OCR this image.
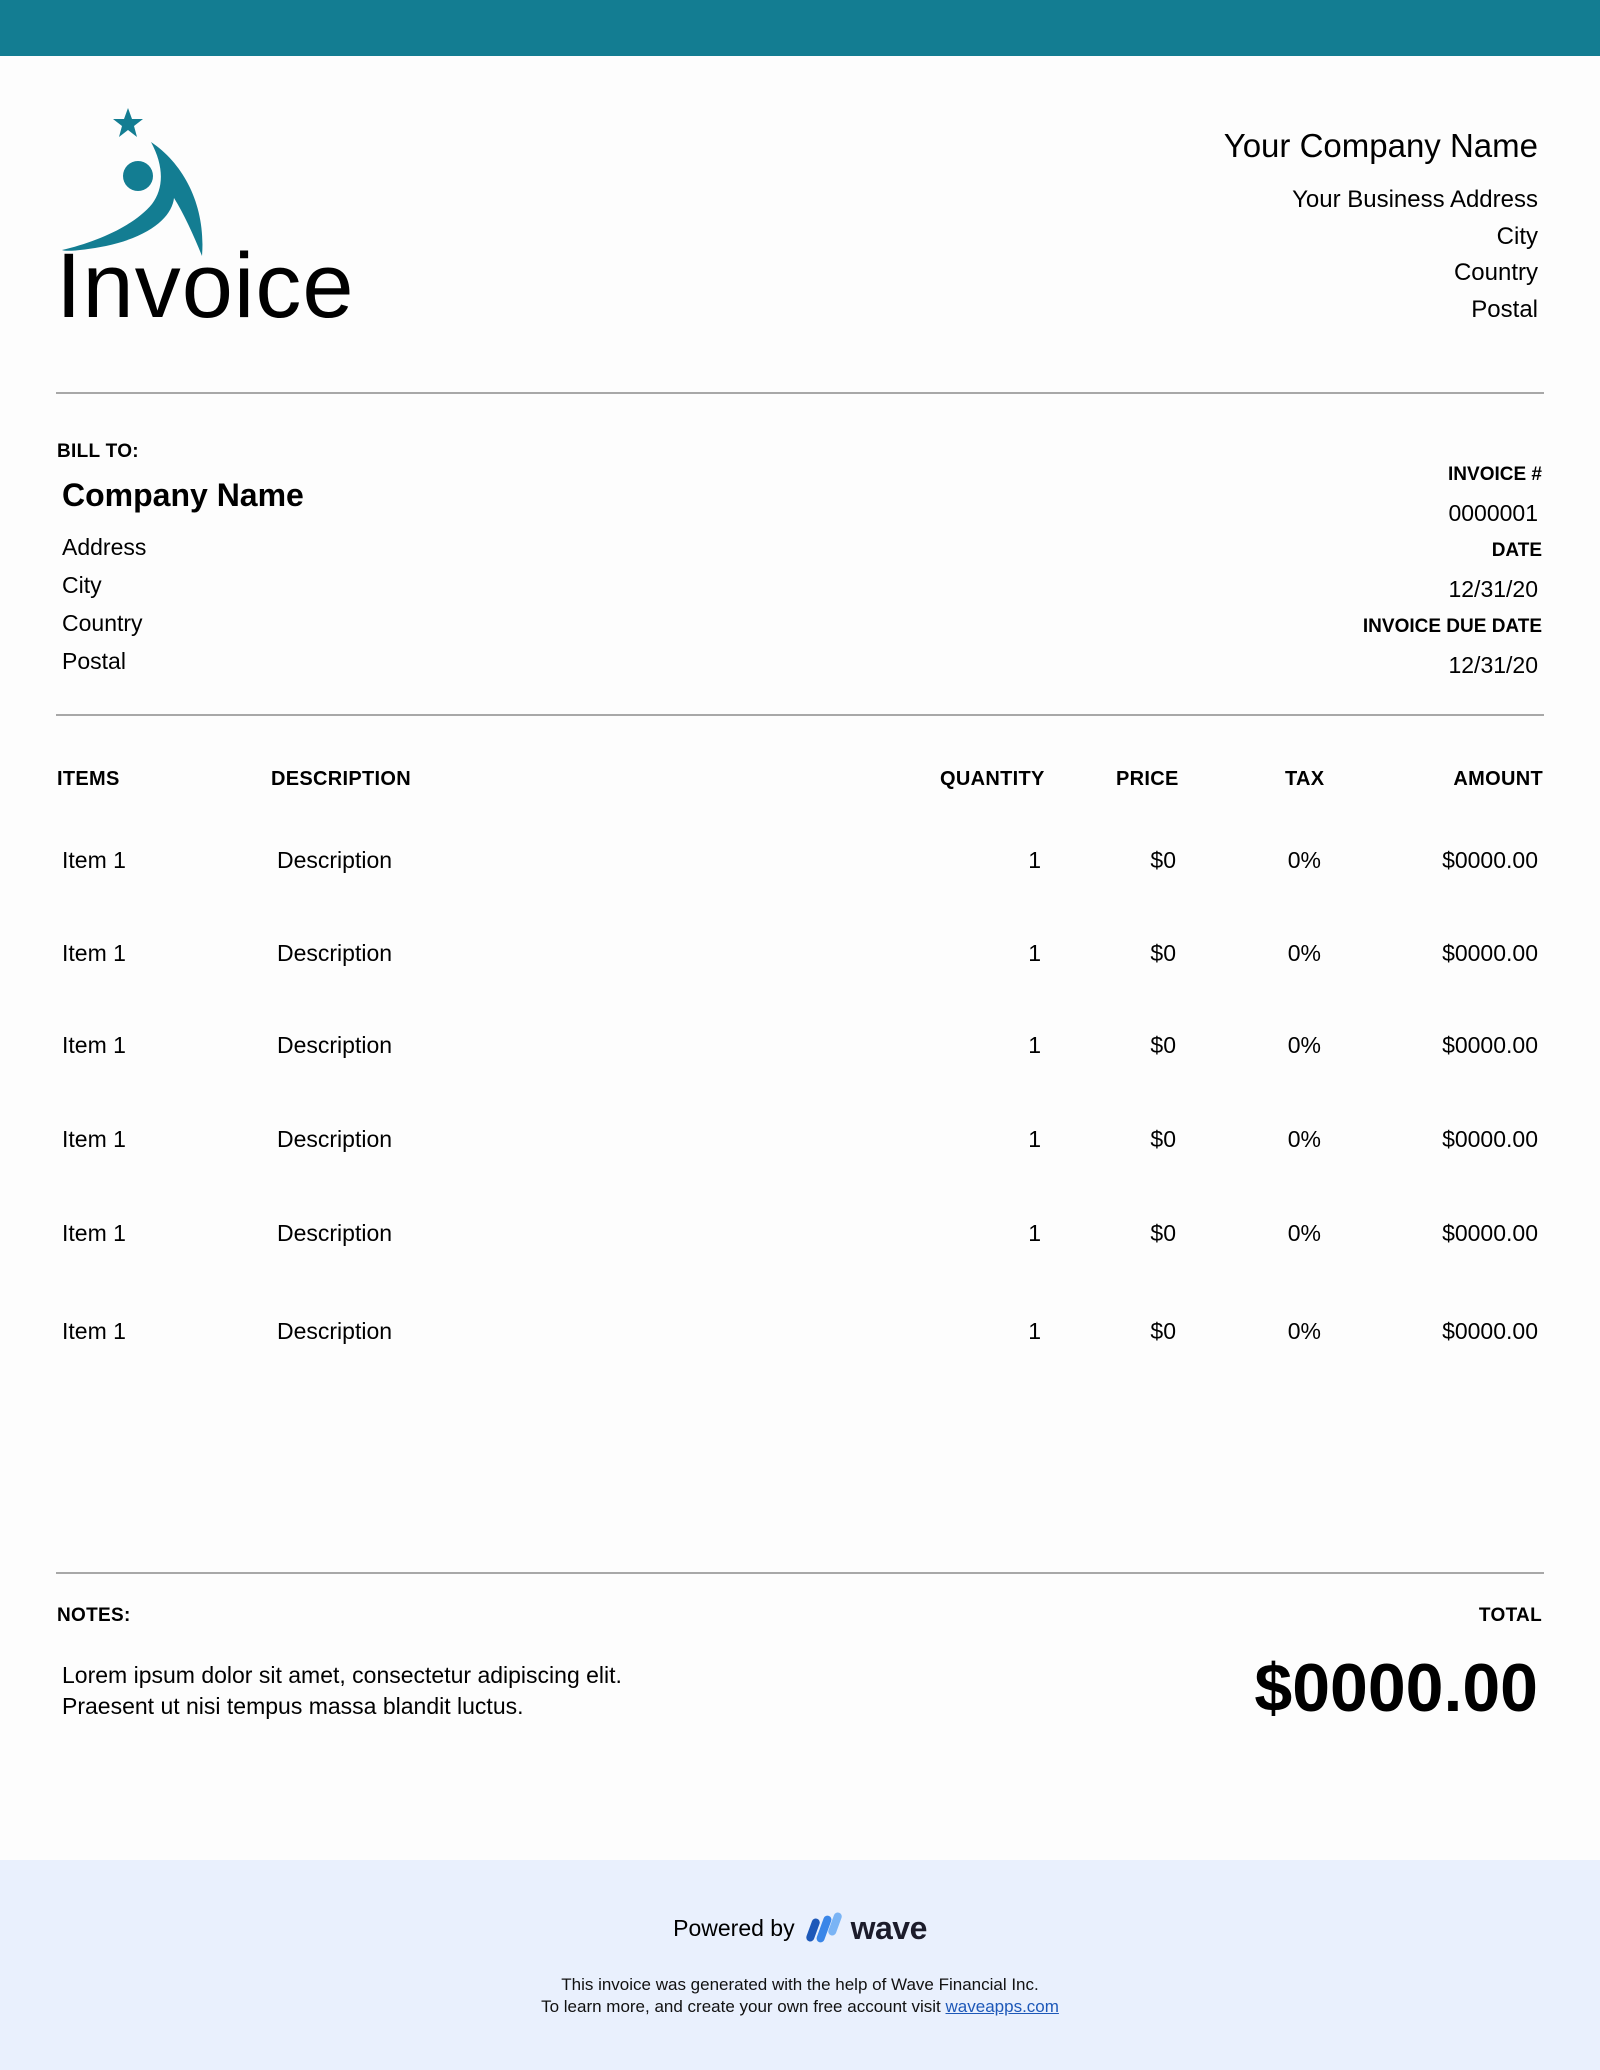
Invoice
Your Company Name
Your Business Address
City
Country
Postal
BILL TO:
Company Name
Address
City
Country
Postal
INVOICE #
0000001
DATE
12/31/20
INVOICE DUE DATE
12/31/20
ITEMS	DESCRIPTION	QUANTITY	PRICE	TAX	AMOUNT
Item 1	Description	1	$0	0%	$0000.00
Item 1	Description	1	$0	0%	$0000.00
Item 1	Description	1	$0	0%	$0000.00
Item 1	Description	1	$0	0%	$0000.00
Item 1	Description	1	$0	0%	$0000.00
Item 1	Description	1	$0	0%	$0000.00
NOTES:
Lorem ipsum dolor sit amet, consectetur adipiscing elit.
Praesent ut nisi tempus massa blandit luctus.
TOTAL
$0000.00
Powered by wave
This invoice was generated with the help of Wave Financial Inc.
To learn more, and create your own free account visit waveapps.com
